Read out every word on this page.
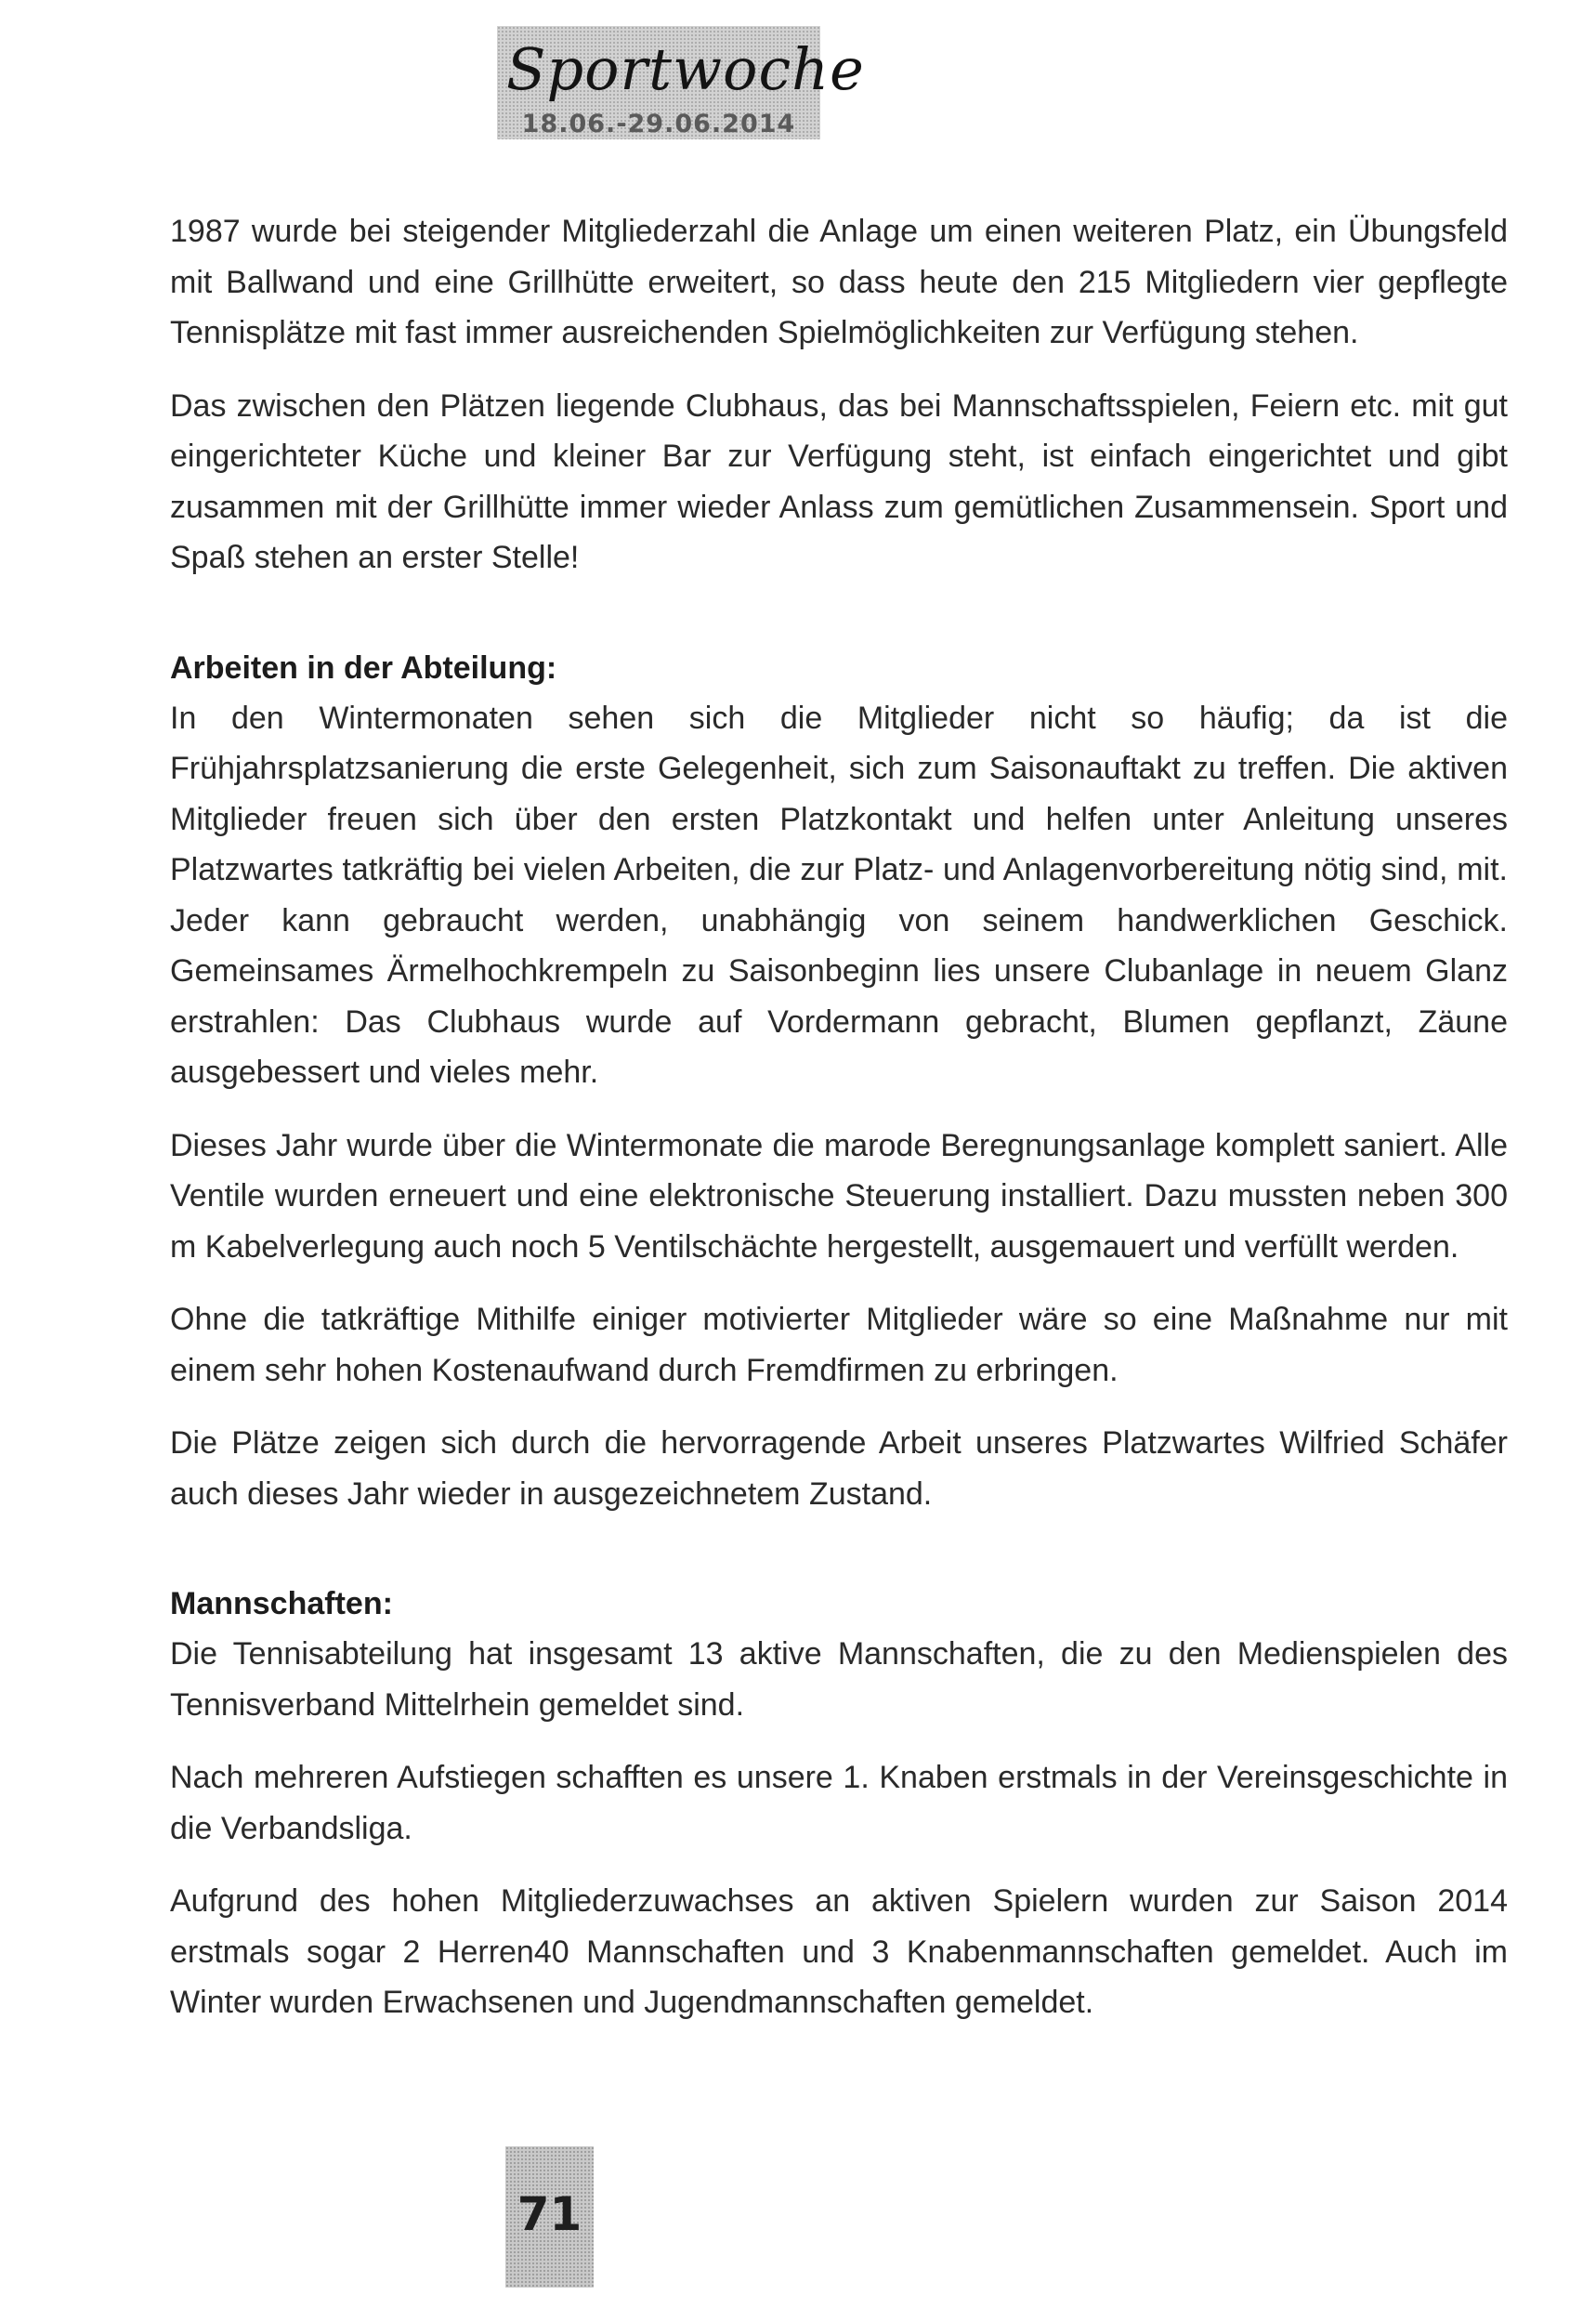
Sportwoche
18.06.-29.06.2014

1987 wurde bei steigender Mitgliederzahl die Anlage um einen weiteren Platz, ein Übungsfeld mit Ballwand und eine Grillhütte erweitert, so dass heute den 215 Mitgliedern vier gepflegte Tennisplätze mit fast immer ausreichenden Spielmöglichkeiten zur Verfügung stehen.

Das zwischen den Plätzen liegende Clubhaus, das bei Mannschaftsspielen, Feiern etc. mit gut eingerichteter Küche und kleiner Bar zur Verfügung steht, ist einfach eingerichtet und gibt zusammen mit der Grillhütte immer wieder Anlass zum gemütlichen Zusammensein. Sport und Spaß stehen an erster Stelle!

Arbeiten in der Abteilung:

In den Wintermonaten sehen sich die Mitglieder nicht so häufig; da ist die Frühjahrsplatzsanierung die erste Gelegenheit, sich zum Saisonauftakt zu treffen. Die aktiven Mitglieder freuen sich über den ersten Platzkontakt und helfen unter Anleitung unseres Platzwartes tatkräftig bei vielen Arbeiten, die zur Platz- und Anlagenvorbereitung nötig sind, mit. Jeder kann gebraucht werden, unabhängig von seinem handwerklichen Geschick. Gemeinsames Ärmelhochkrempeln zu Saisonbeginn lies unsere Clubanlage in neuem Glanz erstrahlen: Das Clubhaus wurde auf Vordermann gebracht, Blumen gepflanzt, Zäune ausgebessert und vieles mehr.

Dieses Jahr wurde über die Wintermonate die marode Beregnungsanlage komplett saniert. Alle Ventile wurden erneuert und eine elektronische Steuerung installiert. Dazu mussten neben 300 m Kabelverlegung auch noch 5 Ventilschächte hergestellt, ausgemauert und verfüllt werden.

Ohne die tatkräftige Mithilfe einiger motivierter Mitglieder wäre so eine Maßnahme nur mit einem sehr hohen Kostenaufwand durch Fremdfirmen zu erbringen.

Die Plätze zeigen sich durch die hervorragende Arbeit unseres Platzwartes Wilfried Schäfer auch dieses Jahr wieder in ausgezeichnetem Zustand.

Mannschaften:

Die Tennisabteilung hat insgesamt 13 aktive Mannschaften, die zu den Medienspielen des Tennisverband Mittelrhein gemeldet sind.

Nach mehreren Aufstiegen schafften es unsere 1. Knaben erstmals in der Vereinsgeschichte in die Verbandsliga.

Aufgrund des hohen Mitgliederzuwachses an aktiven Spielern wurden zur Saison 2014 erstmals sogar 2 Herren40 Mannschaften und 3 Knabenmannschaften gemeldet. Auch im Winter wurden Erwachsenen und Jugendmannschaften gemeldet.

71
